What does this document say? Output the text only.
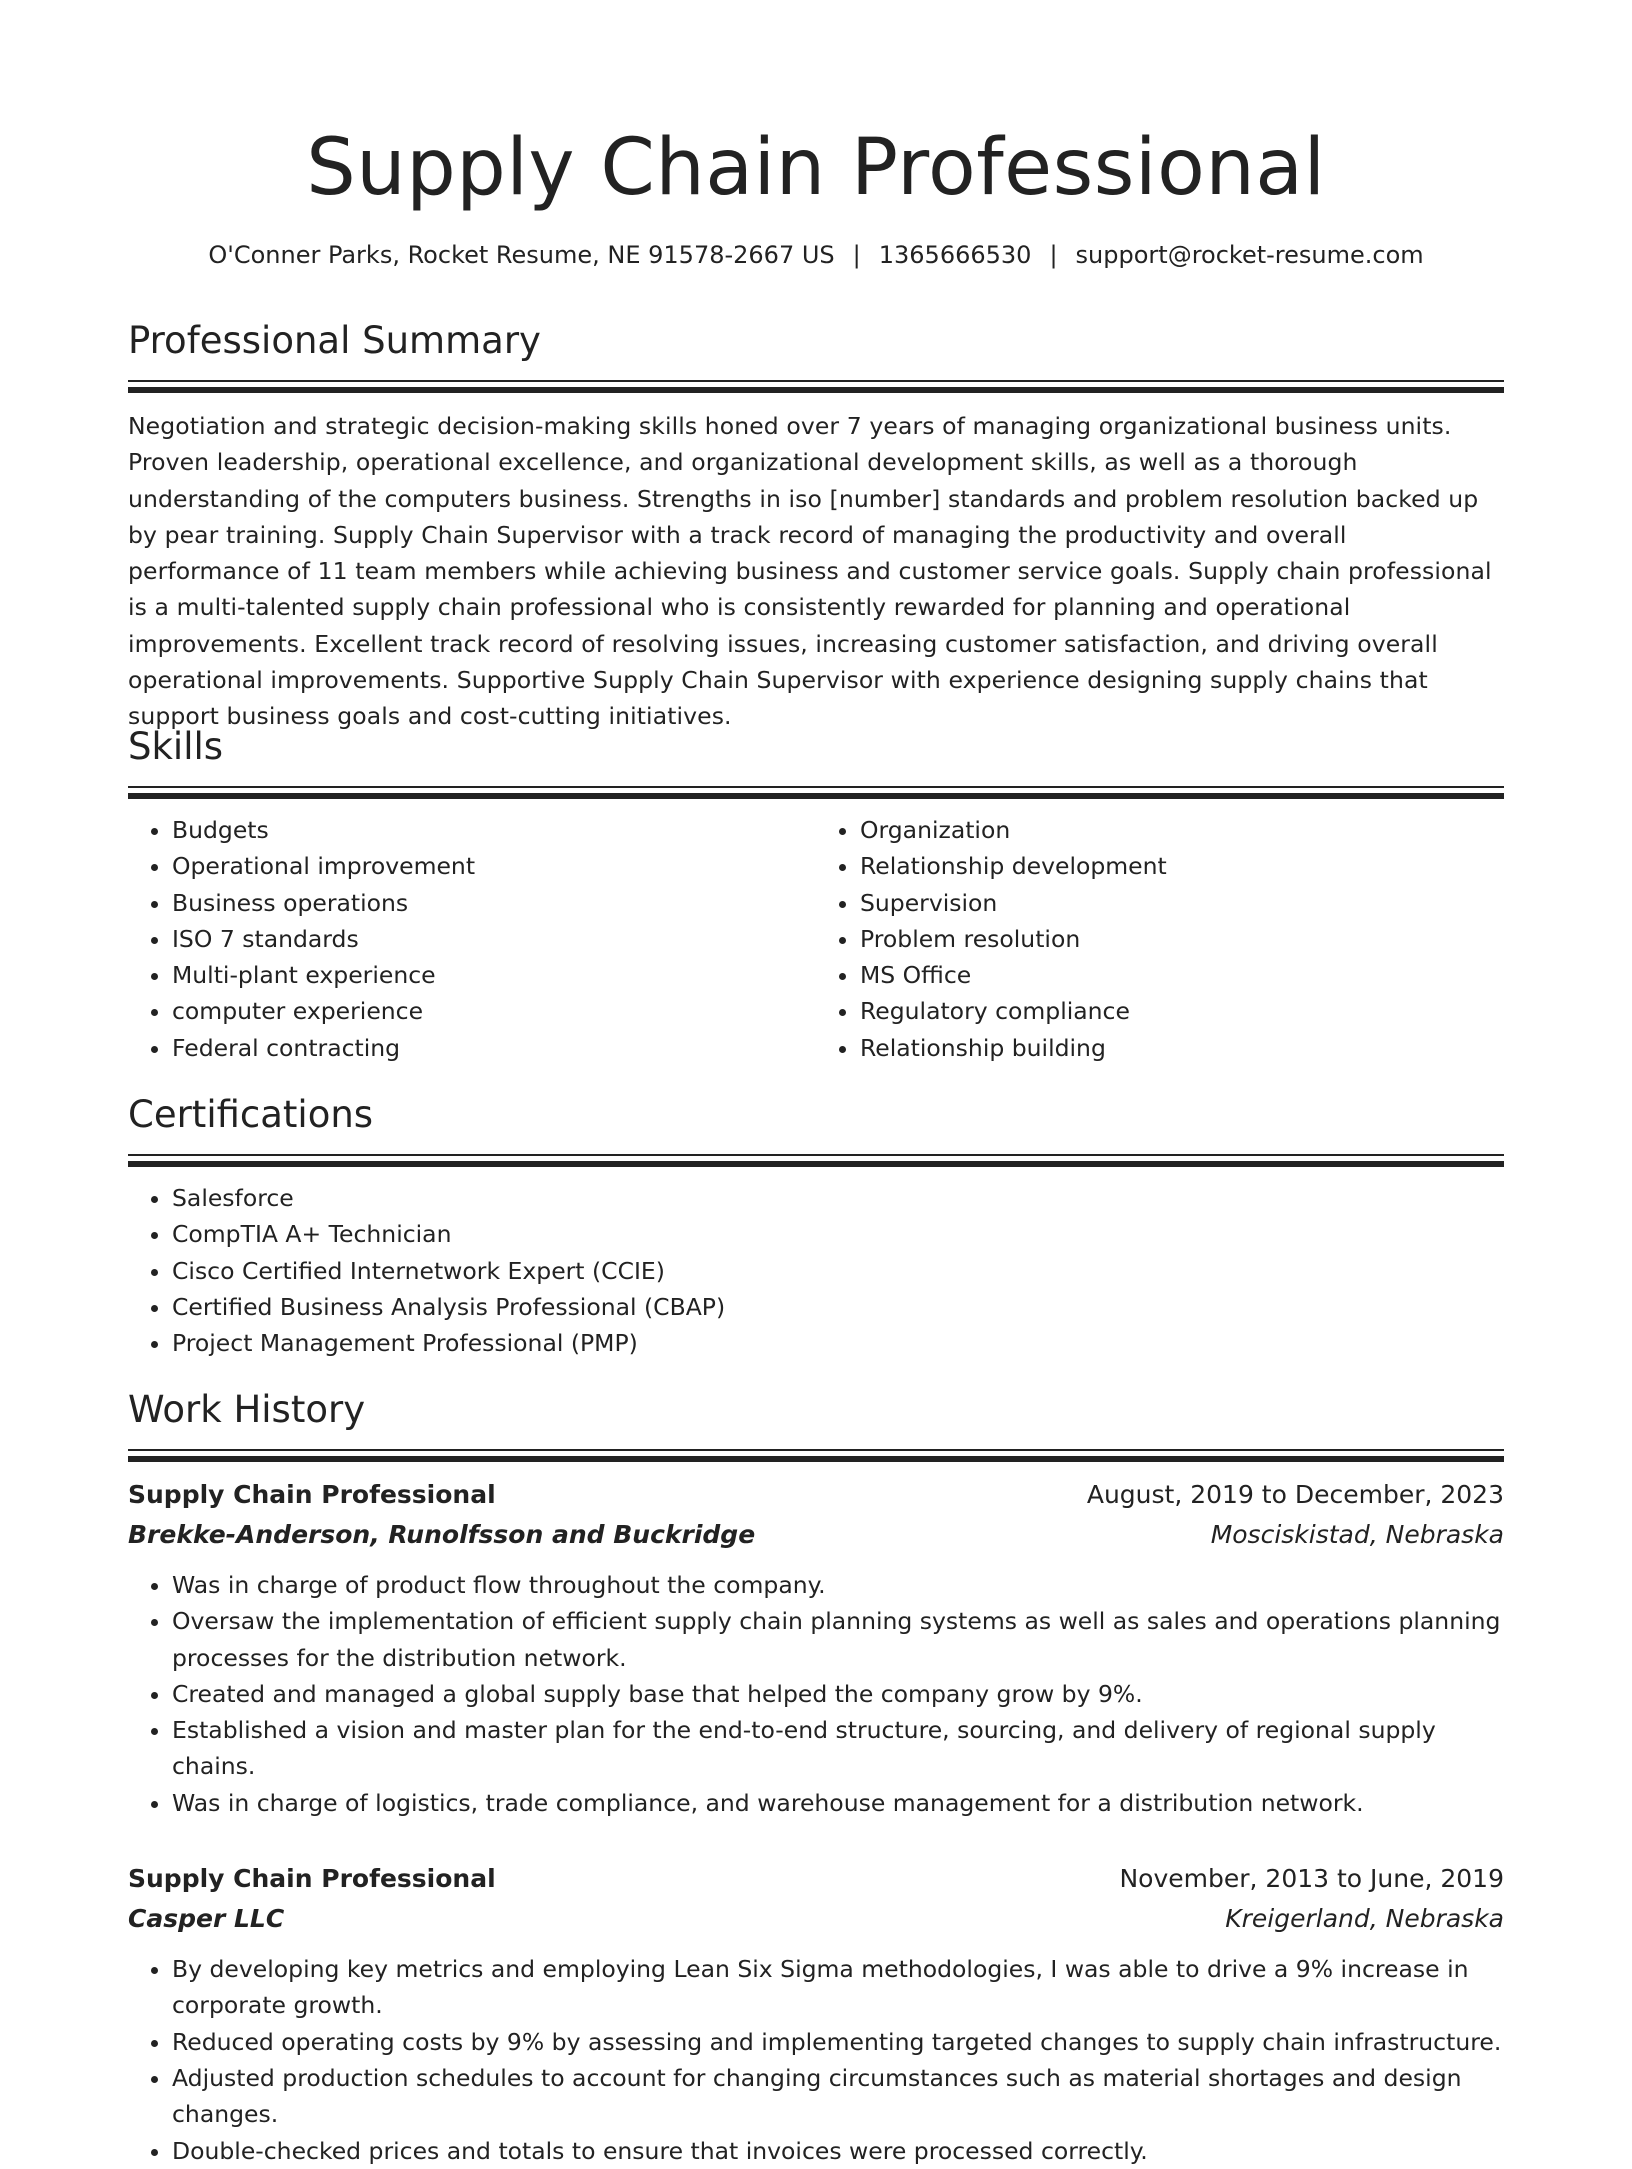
Supply Chain Professional
O'Conner Parks, Rocket Resume, NE 91578-2667 US | 1365666530 | support@rocket-resume.com
Professional Summary
Negotiation and strategic decision-making skills honed over 7 years of managing organizational business units. Proven leadership, operational excellence, and organizational development skills, as well as a thorough understanding of the computers business. Strengths in iso [number] standards and problem resolution backed up by pear training. Supply Chain Supervisor with a track record of managing the productivity and overall performance of 11 team members while achieving business and customer service goals. Supply chain professional is a multi-talented supply chain professional who is consistently rewarded for planning and operational improvements. Excellent track record of resolving issues, increasing customer satisfaction, and driving overall operational improvements. Supportive Supply Chain Supervisor with experience designing supply chains that support business goals and cost-cutting initiatives.
Skills
• Budgets
• Operational improvement
• Business operations
• ISO 7 standards
• Multi-plant experience
• computer experience
• Federal contracting
• Organization
• Relationship development
• Supervision
• Problem resolution
• MS Office
• Regulatory compliance
• Relationship building
Certifications
• Salesforce
• CompTIA A+ Technician
• Cisco Certified Internetwork Expert (CCIE)
• Certified Business Analysis Professional (CBAP)
• Project Management Professional (PMP)
Work History
Supply Chain Professional	August, 2019 to December, 2023
Brekke-Anderson, Runolfsson and Buckridge	Mosciskistad, Nebraska
• Was in charge of product flow throughout the company.
• Oversaw the implementation of efficient supply chain planning systems as well as sales and operations planning processes for the distribution network.
• Created and managed a global supply base that helped the company grow by 9%.
• Established a vision and master plan for the end-to-end structure, sourcing, and delivery of regional supply chains.
• Was in charge of logistics, trade compliance, and warehouse management for a distribution network.
Supply Chain Professional	November, 2013 to June, 2019
Casper LLC	Kreigerland, Nebraska
• By developing key metrics and employing Lean Six Sigma methodologies, I was able to drive a 9% increase in corporate growth.
• Reduced operating costs by 9% by assessing and implementing targeted changes to supply chain infrastructure.
• Adjusted production schedules to account for changing circumstances such as material shortages and design changes.
• Double-checked prices and totals to ensure that invoices were processed correctly.
